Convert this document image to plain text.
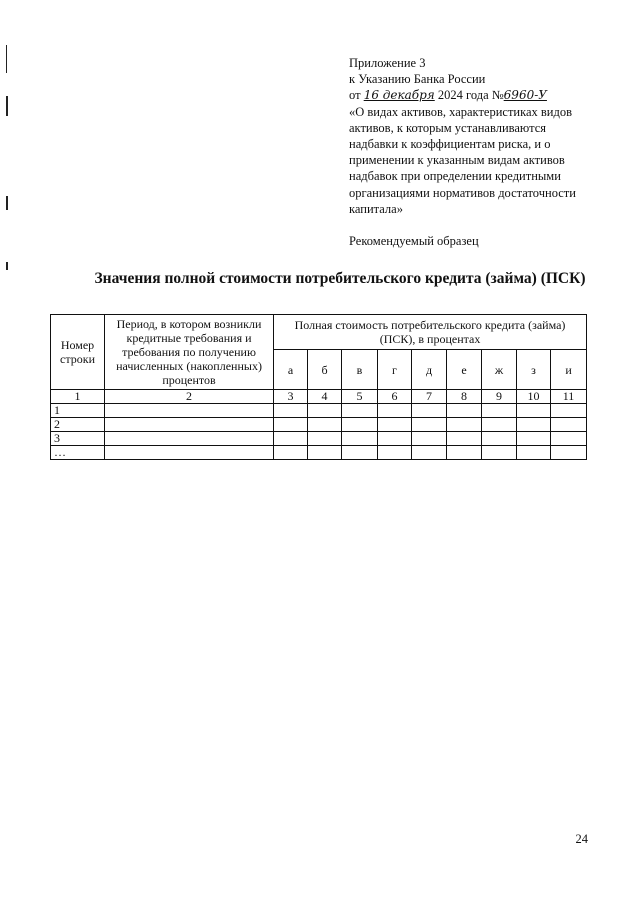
Приложение 3
к Указанию Банка России
от 16 декабря 2024 года №6960-У
«О видах активов, характеристиках видов
активов, к которым устанавливаются
надбавки к коэффициентам риска, и о
применении к указанным видам активов
надбавок при определении кредитными
организациями нормативов достаточности
капитала»
Рекомендуемый образец
Значения полной стоимости потребительского кредита (займа) (ПСК)
Номер строки	Период, в котором возникли кредитные требования и требования по получению начисленных (накопленных) процентов	Полная стоимость потребительского кредита (займа) (ПСК), в процентах								
		а	б	в	г	д	е	ж	з	и
1	2	3	4	5	6	7	8	9	10	11
1										
2										
3										
…										
24
